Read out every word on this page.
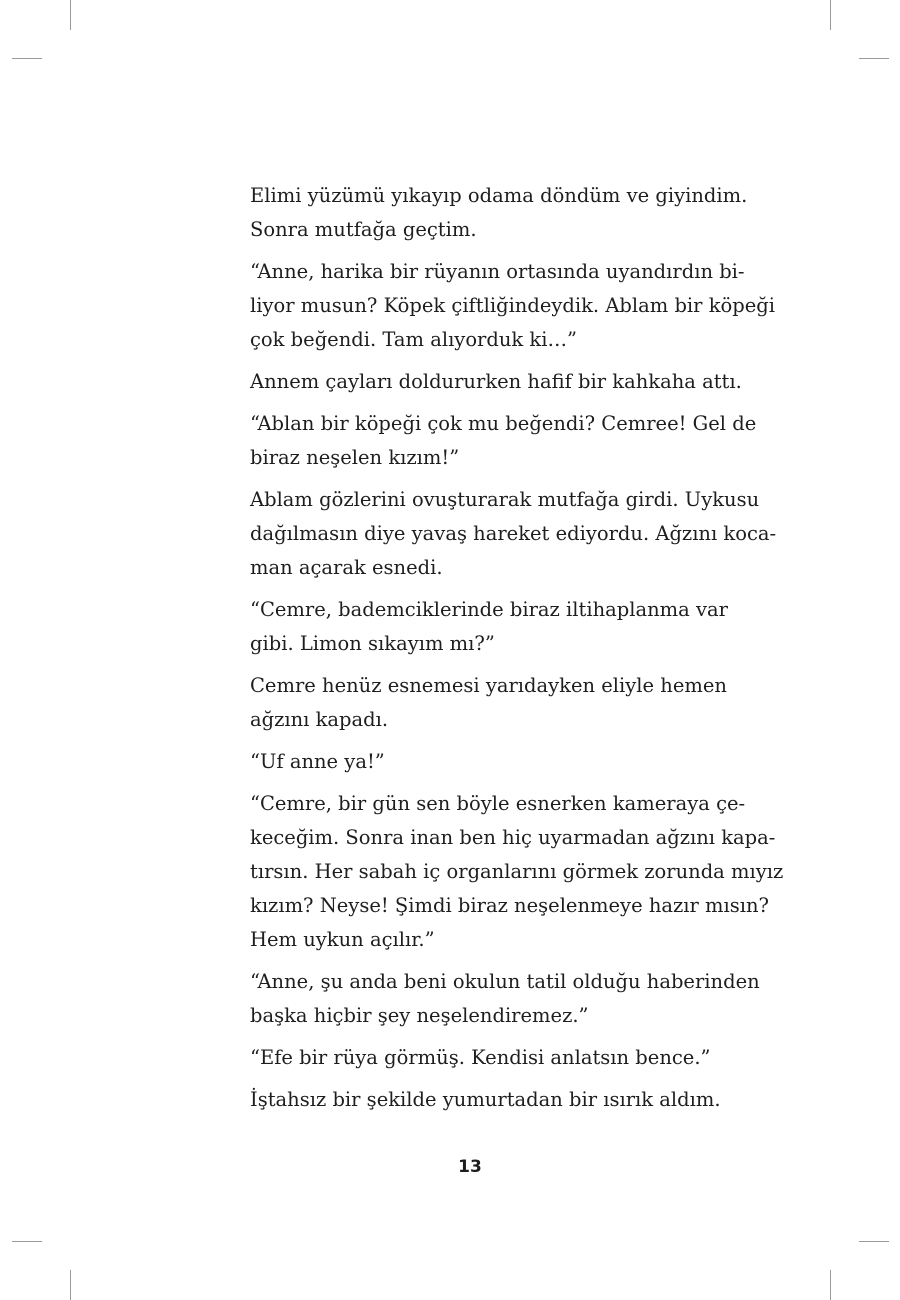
Elimi yüzümü yıkayıp odama döndüm ve giyindim.
Sonra mutfağa geçtim.

“Anne, harika bir rüyanın ortasında uyandırdın bi-
liyor musun? Köpek çiftliğindeydik. Ablam bir köpeği
çok beğendi. Tam alıyorduk ki…”

Annem çayları doldururken hafif bir kahkaha attı.

“Ablan bir köpeği çok mu beğendi? Cemree! Gel de
biraz neşelen kızım!”

Ablam gözlerini ovuşturarak mutfağa girdi. Uykusu
dağılmasın diye yavaş hareket ediyordu. Ağzını koca-
man açarak esnedi.

“Cemre, bademciklerinde biraz iltihaplanma var
gibi. Limon sıkayım mı?”

Cemre henüz esnemesi yarıdayken eliyle hemen
ağzını kapadı.

“Uf anne ya!”

“Cemre, bir gün sen böyle esnerken kameraya çe-
keceğim. Sonra inan ben hiç uyarmadan ağzını kapa-
tırsın. Her sabah iç organlarını görmek zorunda mıyız
kızım? Neyse! Şimdi biraz neşelenmeye hazır mısın?
Hem uykun açılır.”

“Anne, şu anda beni okulun tatil olduğu haberinden
başka hiçbir şey neşelendiremez.”

“Efe bir rüya görmüş. Kendisi anlatsın bence.”

İştahsız bir şekilde yumurtadan bir ısırık aldım.

13
